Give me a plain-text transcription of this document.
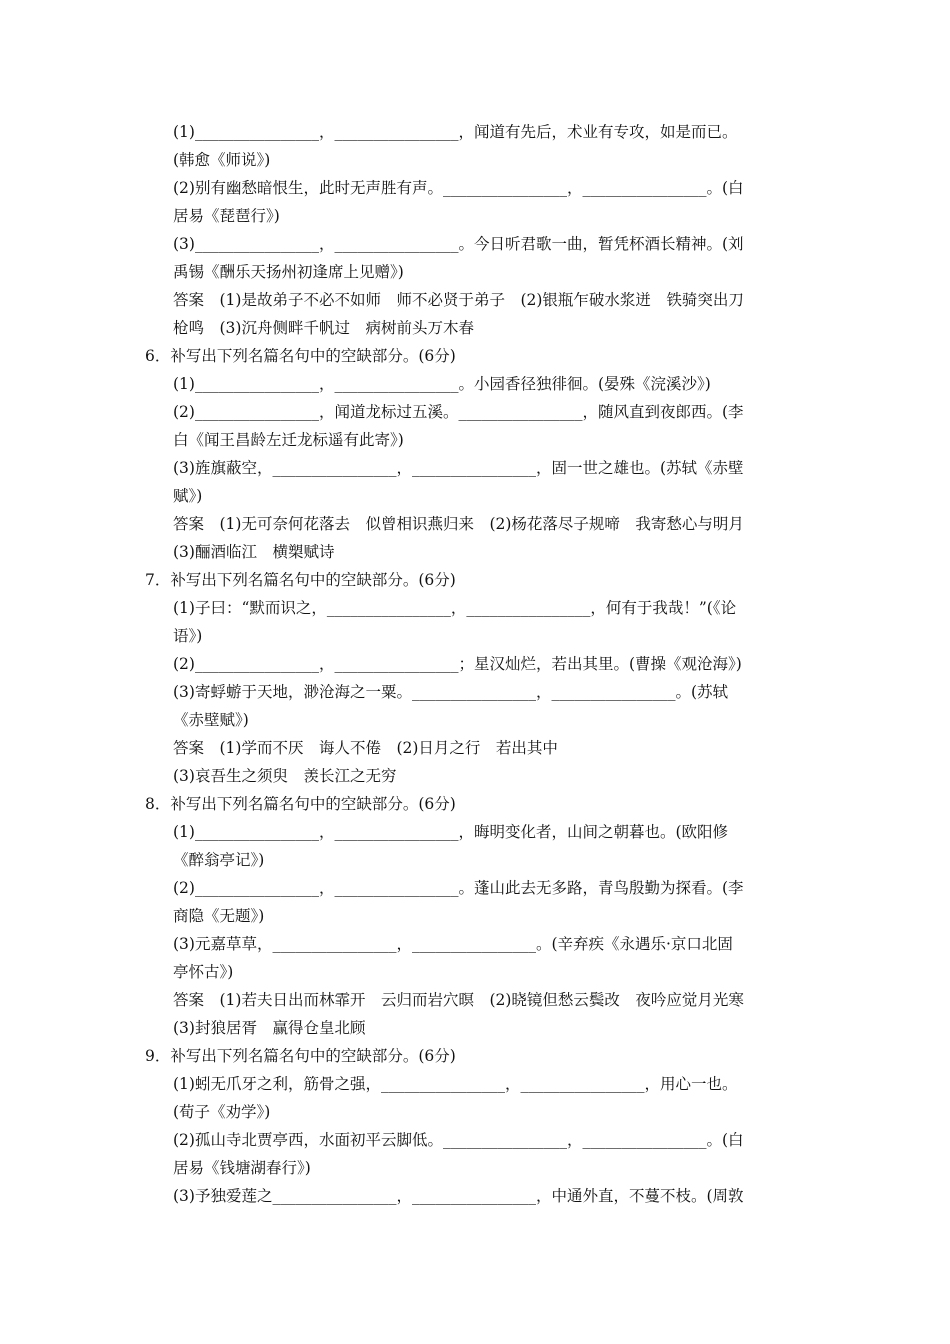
(1)________________，________________，闻道有先后，术业有专攻，如是而已。
(韩愈《师说》)
(2)别有幽愁暗恨生，此时无声胜有声。________________，________________。(白
居易《琵琶行》)
(3)________________，________________。今日听君歌一曲，暂凭杯酒长精神。(刘
禹锡《酬乐天扬州初逢席上见赠》)
答案　(1)是故弟子不必不如师　师不必贤于弟子　(2)银瓶乍破水浆迸　铁骑突出刀
枪鸣　(3)沉舟侧畔千帆过　病树前头万木春
6．补写出下列名篇名句中的空缺部分。(6分)
(1)________________，________________。小园香径独徘徊。(晏殊《浣溪沙》)
(2)________________，闻道龙标过五溪。________________，随风直到夜郎西。(李
白《闻王昌龄左迁龙标遥有此寄》)
(3)旌旗蔽空，________________，________________，固一世之雄也。(苏轼《赤壁
赋》)
答案　(1)无可奈何花落去　似曾相识燕归来　(2)杨花落尽子规啼　我寄愁心与明月
(3)酾酒临江　横槊赋诗
7．补写出下列名篇名句中的空缺部分。(6分)
(1)子曰：“默而识之，________________，________________，何有于我哉！”(《论
语》)
(2)________________，________________；星汉灿烂，若出其里。(曹操《观沧海》)
(3)寄蜉蝣于天地，渺沧海之一粟。________________，________________。(苏轼
《赤壁赋》)
答案　(1)学而不厌　诲人不倦　(2)日月之行　若出其中
(3)哀吾生之须臾　羡长江之无穷
8．补写出下列名篇名句中的空缺部分。(6分)
(1)________________，________________，晦明变化者，山间之朝暮也。(欧阳修
《醉翁亭记》)
(2)________________，________________。蓬山此去无多路，青鸟殷勤为探看。(李
商隐《无题》)
(3)元嘉草草，________________，________________。(辛弃疾《永遇乐·京口北固
亭怀古》)
答案　(1)若夫日出而林霏开　云归而岩穴暝　(2)晓镜但愁云鬓改　夜吟应觉月光寒
(3)封狼居胥　赢得仓皇北顾
9．补写出下列名篇名句中的空缺部分。(6分)
(1)蚓无爪牙之利，筋骨之强，________________，________________，用心一也。
(荀子《劝学》)
(2)孤山寺北贾亭西，水面初平云脚低。________________，________________。(白
居易《钱塘湖春行》)
(3)予独爱莲之________________，________________，中通外直，不蔓不枝。(周敦
